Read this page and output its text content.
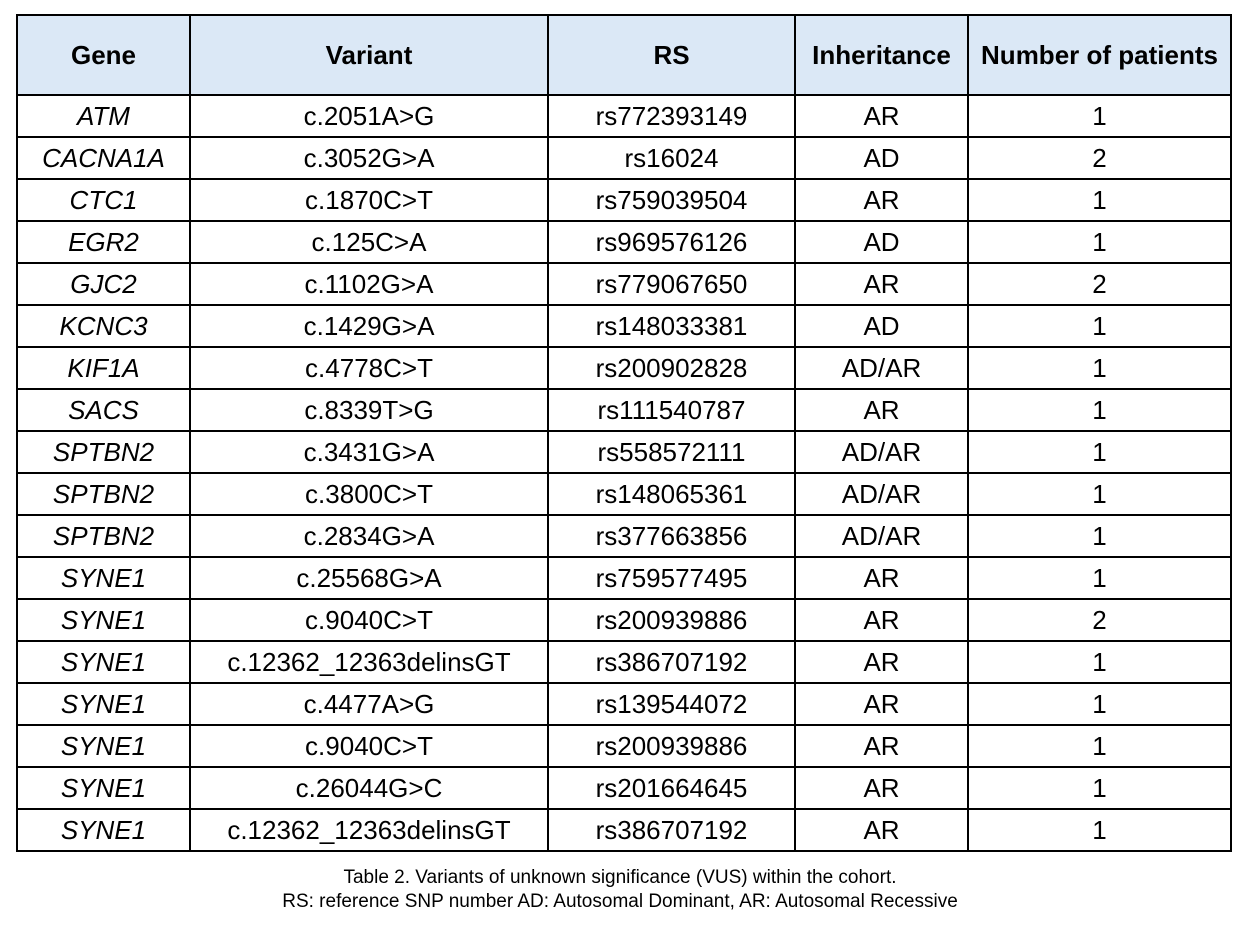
Gene	Variant	RS	Inheritance	Number of patients
ATM	c.2051A>G	rs772393149	AR	1
CACNA1A	c.3052G>A	rs16024	AD	2
CTC1	c.1870C>T	rs759039504	AR	1
EGR2	c.125C>A	rs969576126	AD	1
GJC2	c.1102G>A	rs779067650	AR	2
KCNC3	c.1429G>A	rs148033381	AD	1
KIF1A	c.4778C>T	rs200902828	AD/AR	1
SACS	c.8339T>G	rs111540787	AR	1
SPTBN2	c.3431G>A	rs558572111	AD/AR	1
SPTBN2	c.3800C>T	rs148065361	AD/AR	1
SPTBN2	c.2834G>A	rs377663856	AD/AR	1
SYNE1	c.25568G>A	rs759577495	AR	1
SYNE1	c.9040C>T	rs200939886	AR	2
SYNE1	c.12362_12363delinsGT	rs386707192	AR	1
SYNE1	c.4477A>G	rs139544072	AR	1
SYNE1	c.9040C>T	rs200939886	AR	1
SYNE1	c.26044G>C	rs201664645	AR	1
SYNE1	c.12362_12363delinsGT	rs386707192	AR	1
Table 2. Variants of unknown significance (VUS) within the cohort.
RS: reference SNP number AD: Autosomal Dominant, AR: Autosomal Recessive
